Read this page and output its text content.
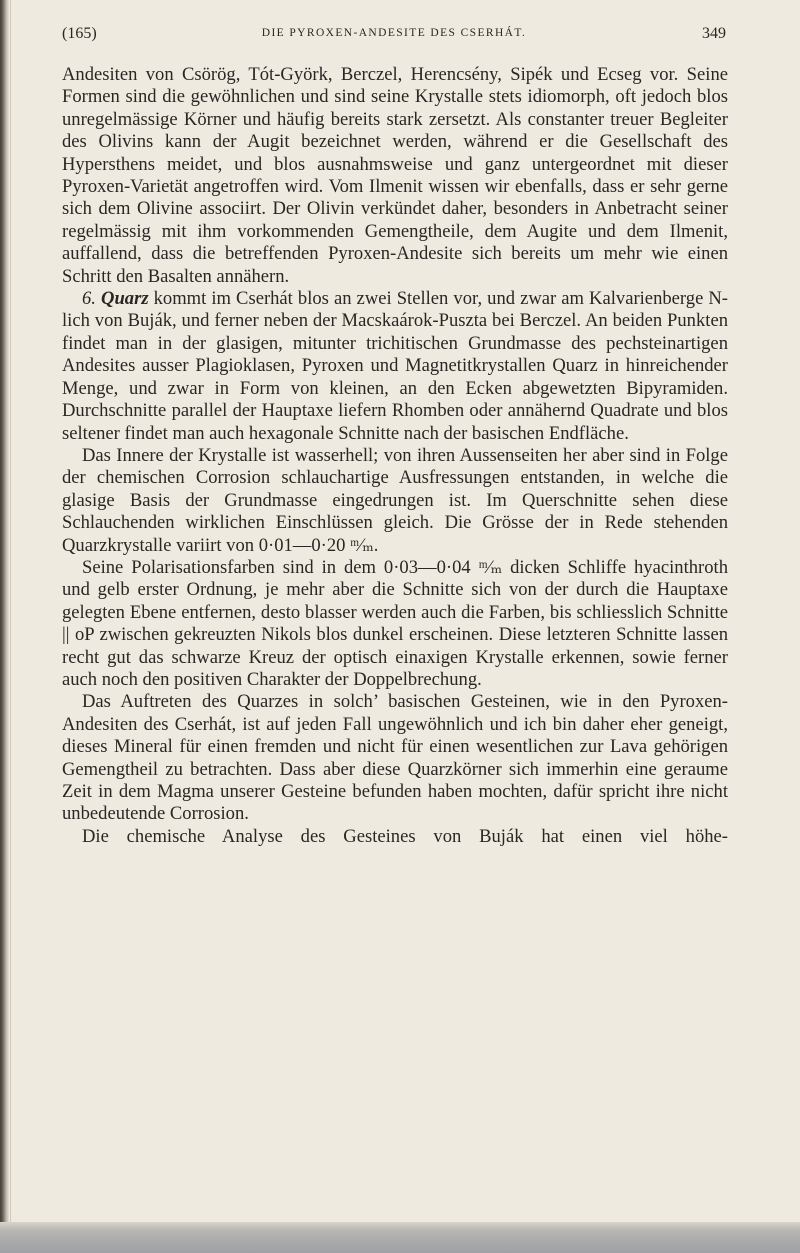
(165)	DIE PYROXEN-ANDESITE DES CSERHÁT.	349

Andesiten von Csörög, Tót-Györk, Berczel, Herencsény, Sipék und Ecseg vor. Seine Formen sind die gewöhnlichen und sind seine Krystalle stets idiomorph, oft jedoch blos unregelmässige Körner und häufig bereits stark zersetzt. Als constanter treuer Begleiter des Olivins kann der Augit bezeichnet werden, während er die Gesellschaft des Hypersthens meidet, und blos ausnahmsweise und ganz untergeordnet mit dieser Pyroxen-Varietät angetroffen wird. Vom Ilmenit wissen wir ebenfalls, dass er sehr gerne sich dem Olivine associirt. Der Olivin verkündet daher, besonders in Anbetracht seiner regelmässig mit ihm vorkommenden Gemengtheile, dem Augite und dem Ilmenit, auffallend, dass die betreffenden Pyroxen-Andesite sich bereits um mehr wie einen Schritt den Basalten annähern.

6. Quarz kommt im Cserhát blos an zwei Stellen vor, und zwar am Kalvarienberge N-lich von Buják, und ferner neben der Macskaárok-Puszta bei Berczel. An beiden Punkten findet man in der glasigen, mitunter trichitischen Grundmasse des pechsteinartigen Andesites ausser Plagioklasen, Pyroxen und Magnetitkrystallen Quarz in hinreichender Menge, und zwar in Form von kleinen, an den Ecken abgewetzten Bipyramiden. Durchschnitte parallel der Hauptaxe liefern Rhomben oder annähernd Quadrate und blos seltener findet man auch hexagonale Schnitte nach der basischen Endfläche.

Das Innere der Krystalle ist wasserhell; von ihren Aussenseiten her aber sind in Folge der chemischen Corrosion schlauchartige Ausfressungen entstanden, in welche die glasige Basis der Grundmasse eingedrungen ist. Im Querschnitte sehen diese Schlauchenden wirklichen Einschlüssen gleich. Die Grösse der in Rede stehenden Quarzkrystalle variirt von 0·01—0·20 ᵐ⁄ₘ.

Seine Polarisationsfarben sind in dem 0·03—0·04 ᵐ⁄ₘ dicken Schliffe hyacinthroth und gelb erster Ordnung, je mehr aber die Schnitte sich von der durch die Hauptaxe gelegten Ebene entfernen, desto blasser werden auch die Farben, bis schliesslich Schnitte || oP zwischen gekreuzten Nikols blos dunkel erscheinen. Diese letzteren Schnitte lassen recht gut das schwarze Kreuz der optisch einaxigen Krystalle erkennen, sowie ferner auch noch den positiven Charakter der Doppelbrechung.

Das Auftreten des Quarzes in solch’ basischen Gesteinen, wie in den Pyroxen-Andesiten des Cserhát, ist auf jeden Fall ungewöhnlich und ich bin daher eher geneigt, dieses Mineral für einen fremden und nicht für einen wesentlichen zur Lava gehörigen Gemengtheil zu betrachten. Dass aber diese Quarzkörner sich immerhin eine geraume Zeit in dem Magma unserer Gesteine befunden haben mochten, dafür spricht ihre nicht unbedeutende Corrosion.

Die chemische Analyse des Gesteines von Buják hat einen viel höhe-
